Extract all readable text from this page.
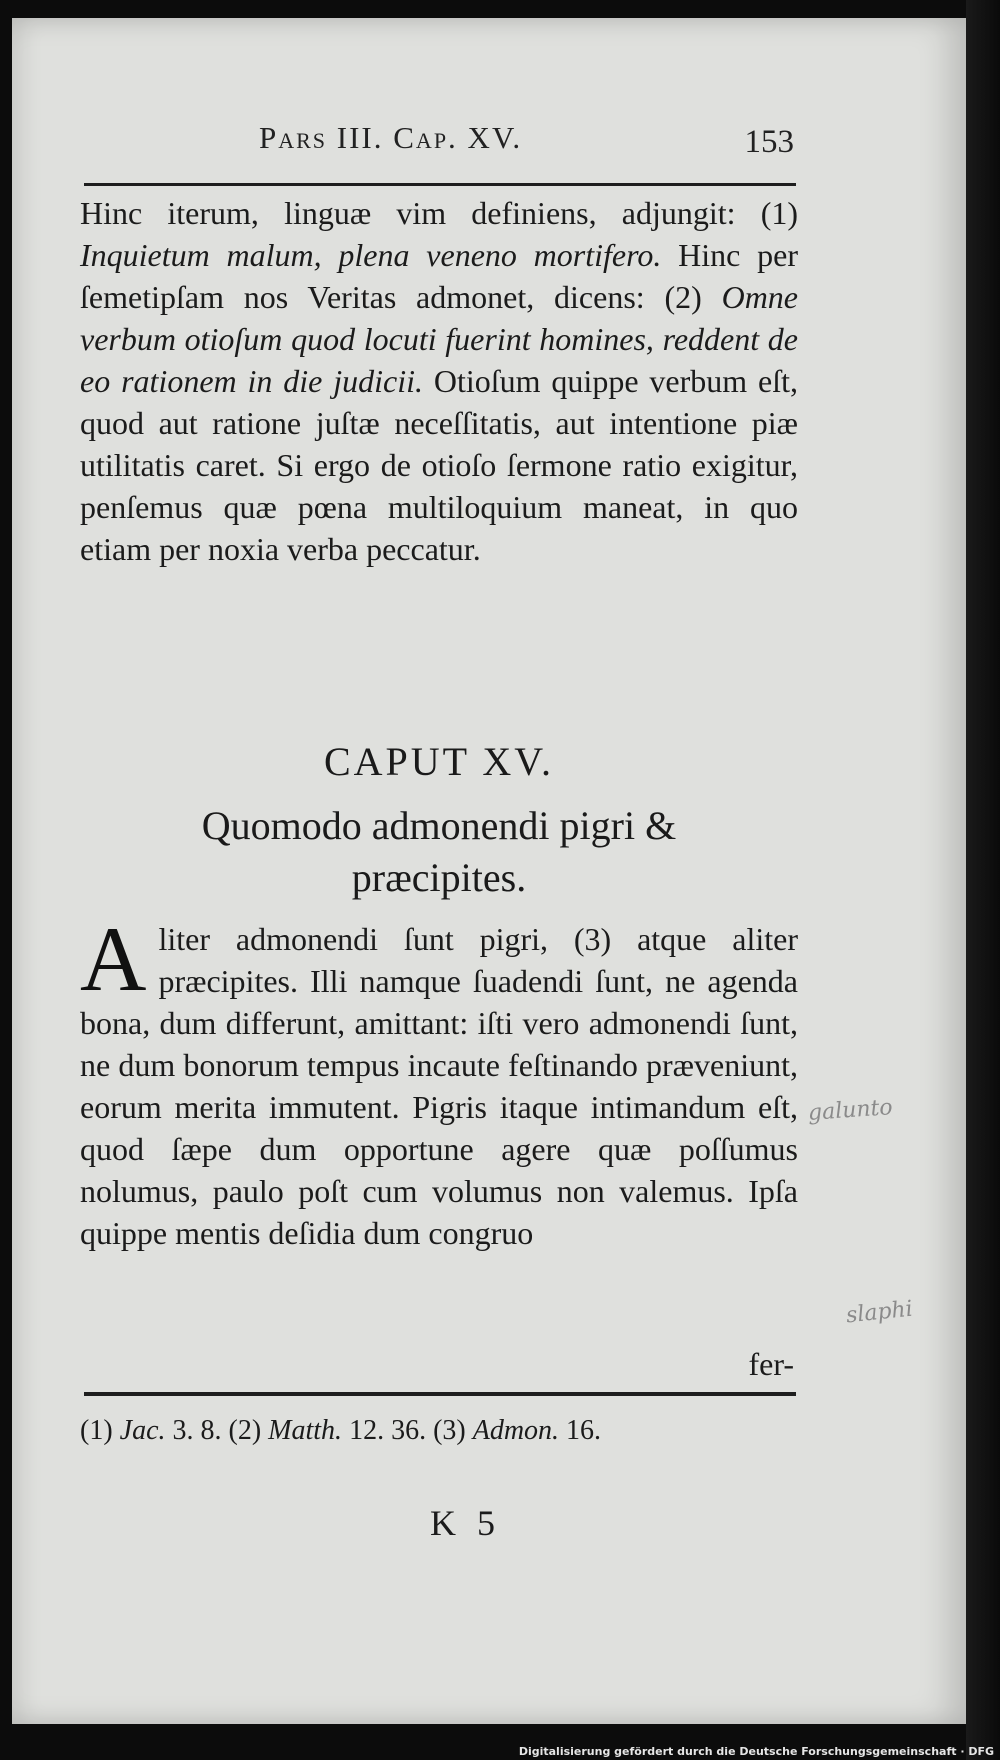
Pars III. Cap. XV.	153

Hinc iterum, linguæ vim definiens, adjungit: (1) Inquietum malum, plena veneno mortifero. Hinc per ſemetipſam nos Veritas admonet, dicens: (2) Omne verbum otioſum quod locuti fuerint homines, reddent de eo rationem in die judicii. Otioſum quippe verbum eſt, quod aut ratione juſtæ neceſſitatis, aut intentione piæ utilitatis caret. Si ergo de otioſo ſermone ratio exigitur, penſemus quæ pœna multiloquium maneat, in quo etiam per noxia verba peccatur.

CAPUT XV.
Quomodo admonendi pigri &
præcipites.
A liter admonendi ſunt pigri, (3) atque aliter præcipites. Illi namque ſuadendi ſunt, ne agenda bona, dum differunt, amittant: iſti vero admonendi ſunt, ne dum bonorum tempus incaute feſtinando præveniunt, eorum merita immutent. Pigris itaque intimandum eſt, quod ſæpe dum opportune agere quæ poſſumus nolumus, paulo poſt cum volumus non valemus. Ipſa quippe mentis deſidia dum congruo
fer-
(1) Jac. 3. 8. (2) Matth. 12. 36. (3) Admon. 16.
K 5
galunto
slaphi
Digitalisierung gefördert durch die Deutsche Forschungsgemeinschaft · DFG
